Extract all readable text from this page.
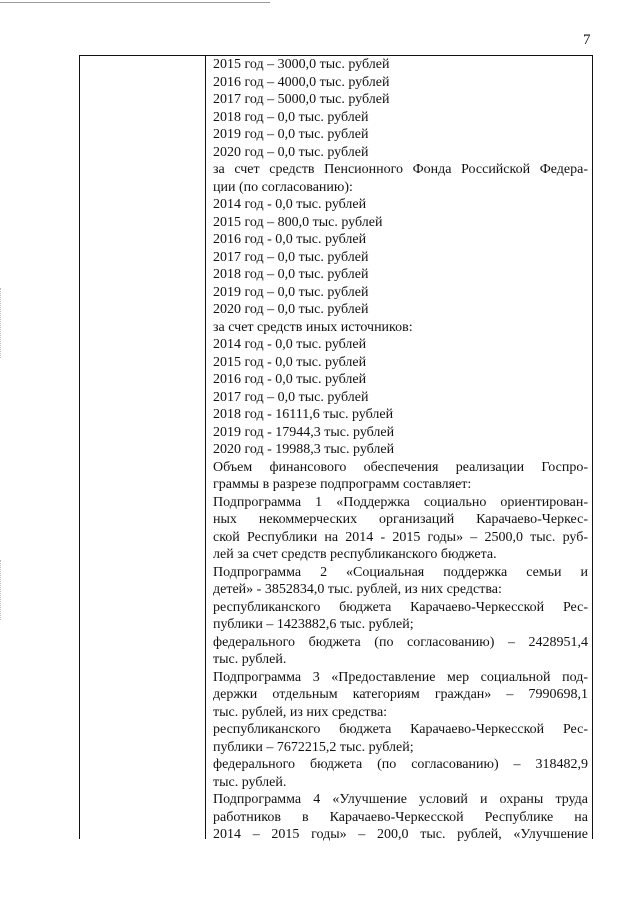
7
2015 год – 3000,0 тыс. рублей
2016 год – 4000,0 тыс. рублей
2017 год – 5000,0 тыс. рублей
2018 год – 0,0 тыс. рублей
2019 год – 0,0 тыс. рублей
2020 год – 0,0 тыс. рублей
за счет средств Пенсионного Фонда Российской Федера-
ции (по согласованию):
2014 год - 0,0 тыс. рублей
2015 год – 800,0 тыс. рублей
2016 год - 0,0 тыс. рублей
2017 год – 0,0 тыс. рублей
2018 год – 0,0 тыс. рублей
2019 год – 0,0 тыс. рублей
2020 год – 0,0 тыс. рублей
за счет средств иных источников:
2014 год - 0,0 тыс. рублей
2015 год - 0,0 тыс. рублей
2016 год - 0,0 тыс. рублей
2017 год – 0,0 тыс. рублей
2018 год - 16111,6 тыс. рублей
2019 год - 17944,3 тыс. рублей
2020 год - 19988,3 тыс. рублей
Объем финансового обеспечения реализации Госпро-
граммы в разрезе подпрограмм составляет:
Подпрограмма 1 «Поддержка социально ориентирован-
ных некоммерческих организаций Карачаево-Черкес-
ской Республики на 2014 - 2015 годы» – 2500,0 тыс. руб-
лей за счет средств республиканского бюджета.
Подпрограмма 2 «Социальная поддержка семьи и
детей» - 3852834,0 тыс. рублей, из них средства:
республиканского бюджета Карачаево-Черкесской Рес-
публики – 1423882,6 тыс. рублей;
федерального бюджета (по согласованию) – 2428951,4
тыс. рублей.
Подпрограмма 3 «Предоставление мер социальной под-
держки отдельным категориям граждан» – 7990698,1
тыс. рублей, из них средства:
республиканского бюджета Карачаево-Черкесской Рес-
публики – 7672215,2 тыс. рублей;
федерального бюджета (по согласованию) – 318482,9
тыс. рублей.
Подпрограмма 4 «Улучшение условий и охраны труда
работников в Карачаево-Черкесской Республике на
2014 – 2015 годы» – 200,0 тыс. рублей, «Улучшение
